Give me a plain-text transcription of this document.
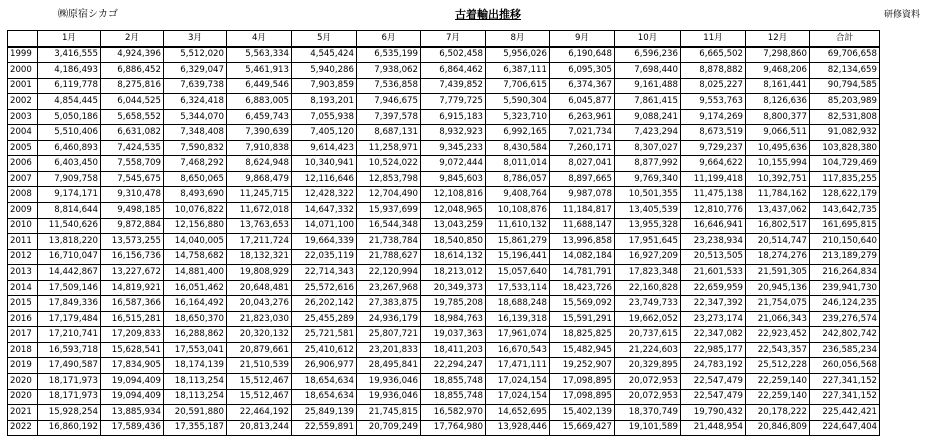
㈱原宿シカゴ	古着輸出推移	研修資料
	1月	2月	3月	4月	5月	6月	7月	8月	9月	10月	11月	12月	合計
1999	3,416,555	4,924,396	5,512,020	5,563,334	4,545,424	6,535,199	6,502,458	5,956,026	6,190,648	6,596,236	6,665,502	7,298,860	69,706,658
2000	4,186,493	6,886,452	6,329,047	5,461,913	5,940,286	7,938,062	6,864,462	6,387,111	6,095,305	7,698,440	8,878,882	9,468,206	82,134,659
2001	6,119,778	8,275,816	7,639,738	6,449,546	7,903,859	7,536,858	7,439,852	7,706,615	6,374,367	9,161,488	8,025,227	8,161,441	90,794,585
2002	4,854,445	6,044,525	6,324,418	6,883,005	8,193,201	7,946,675	7,779,725	5,590,304	6,045,877	7,861,415	9,553,763	8,126,636	85,203,989
2003	5,050,186	5,658,552	5,344,070	6,459,743	7,055,938	7,397,578	6,915,183	5,323,710	6,263,961	9,088,241	9,174,269	8,800,377	82,531,808
2004	5,510,406	6,631,082	7,348,408	7,390,639	7,405,120	8,687,131	8,932,923	6,992,165	7,021,734	7,423,294	8,673,519	9,066,511	91,082,932
2005	6,460,893	7,424,535	7,590,832	7,910,838	9,614,423	11,258,971	9,345,233	8,430,584	7,260,171	8,307,027	9,729,237	10,495,636	103,828,380
2006	6,403,450	7,558,709	7,468,292	8,624,948	10,340,941	10,524,022	9,072,444	8,011,014	8,027,041	8,877,992	9,664,622	10,155,994	104,729,469
2007	7,909,758	7,545,675	8,650,065	9,868,479	12,116,646	12,853,798	9,845,603	8,786,057	8,897,665	9,769,340	11,199,418	10,392,751	117,835,255
2008	9,174,171	9,310,478	8,493,690	11,245,715	12,428,322	12,704,490	12,108,816	9,408,764	9,987,078	10,501,355	11,475,138	11,784,162	128,622,179
2009	8,814,644	9,498,185	10,076,822	11,672,018	14,647,332	15,937,699	12,048,965	10,108,876	11,184,817	13,405,539	12,810,776	13,437,062	143,642,735
2010	11,540,626	9,872,884	12,156,880	13,763,653	14,071,100	16,544,348	13,043,259	11,610,132	11,688,147	13,955,328	16,646,941	16,802,517	161,695,815
2011	13,818,220	13,573,255	14,040,005	17,211,724	19,664,339	21,738,784	18,540,850	15,861,279	13,996,858	17,951,645	23,238,934	20,514,747	210,150,640
2012	16,710,047	16,156,736	14,758,682	18,132,321	22,035,119	21,788,627	18,614,132	15,196,441	14,082,184	16,927,209	20,513,505	18,274,276	213,189,279
2013	14,442,867	13,227,672	14,881,400	19,808,929	22,714,343	22,120,994	18,213,012	15,057,640	14,781,791	17,823,348	21,601,533	21,591,305	216,264,834
2014	17,509,146	14,819,921	16,051,462	20,648,481	25,572,616	23,267,968	20,349,373	17,533,114	18,423,726	22,160,828	22,659,959	20,945,136	239,941,730
2015	17,849,336	16,587,366	16,164,492	20,043,276	26,202,142	27,383,875	19,785,208	18,688,248	15,569,092	23,749,733	22,347,392	21,754,075	246,124,235
2016	17,179,484	16,515,281	18,650,370	21,823,030	25,455,289	24,936,179	18,984,763	16,139,318	15,591,291	19,662,052	23,273,174	21,066,343	239,276,574
2017	17,210,741	17,209,833	16,288,862	20,320,132	25,721,581	25,807,721	19,037,363	17,961,074	18,825,825	20,737,615	22,347,082	22,923,452	242,802,742
2018	16,593,718	15,628,541	17,553,041	20,879,661	25,410,612	23,201,833	18,411,203	16,670,543	15,482,945	21,224,603	22,985,177	22,543,357	236,585,234
2019	17,490,587	17,834,905	18,174,139	21,510,539	26,906,977	28,495,841	22,294,247	17,471,111	19,252,907	20,329,895	24,783,192	25,512,228	260,056,568
2020	18,171,973	19,094,409	18,113,254	15,512,467	18,654,634	19,936,046	18,855,748	17,024,154	17,098,895	20,072,953	22,547,479	22,259,140	227,341,152
2020	18,171,973	19,094,409	18,113,254	15,512,467	18,654,634	19,936,046	18,855,748	17,024,154	17,098,895	20,072,953	22,547,479	22,259,140	227,341,152
2021	15,928,254	13,885,934	20,591,880	22,464,192	25,849,139	21,745,815	16,582,970	14,652,695	15,402,139	18,370,749	19,790,432	20,178,222	225,442,421
2022	16,860,192	17,589,436	17,355,187	20,813,244	22,559,891	20,709,249	17,764,980	13,928,446	15,669,427	19,101,589	21,448,954	20,846,809	224,647,404
